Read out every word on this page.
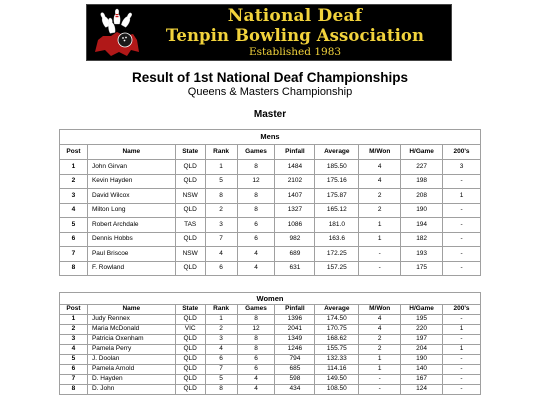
National Deaf
Tenpin Bowling Association
Established 1983
Result of 1st National Deaf Championships
Queens & Masters Championship
Master
Mens									
Post	Name	State	Rank	Games	Pinfall	Average	M/Won	H/Game	200's
1	John Girvan	QLD	1	8	1484	185.50	4	227	3
2	Kevin Hayden	QLD	5	12	2102	175.16	4	198	-
3	David Wilcox	NSW	8	8	1407	175.87	2	208	1
4	Milton Long	QLD	2	8	1327	165.12	2	190	-
5	Robert Archdale	TAS	3	6	1086	181.0	1	194	-
6	Dennis Hobbs	QLD	7	6	982	163.6	1	182	-
7	Paul Briscoe	NSW	4	4	689	172.25	-	193	-
8	F. Rowland	QLD	6	4	631	157.25	-	175	-
Women									
Post	Name	State	Rank	Games	Pinfall	Average	M/Won	H/Game	200's
1	Judy Rennex	QLD	1	8	1396	174.50	4	195	-
2	Maria McDonald	VIC	2	12	2041	170.75	4	220	1
3	Patricia Oxenham	QLD	3	8	1349	168.62	2	197	-
4	Pamela Perry	QLD	4	8	1246	155.75	2	204	1
5	J. Doolan	QLD	6	6	794	132.33	1	190	-
6	Pamela Arnold	QLD	7	6	685	114.16	1	140	-
7	D. Hayden	QLD	5	4	598	149.50	-	167	-
8	D. John	QLD	8	4	434	108.50	-	124	-
